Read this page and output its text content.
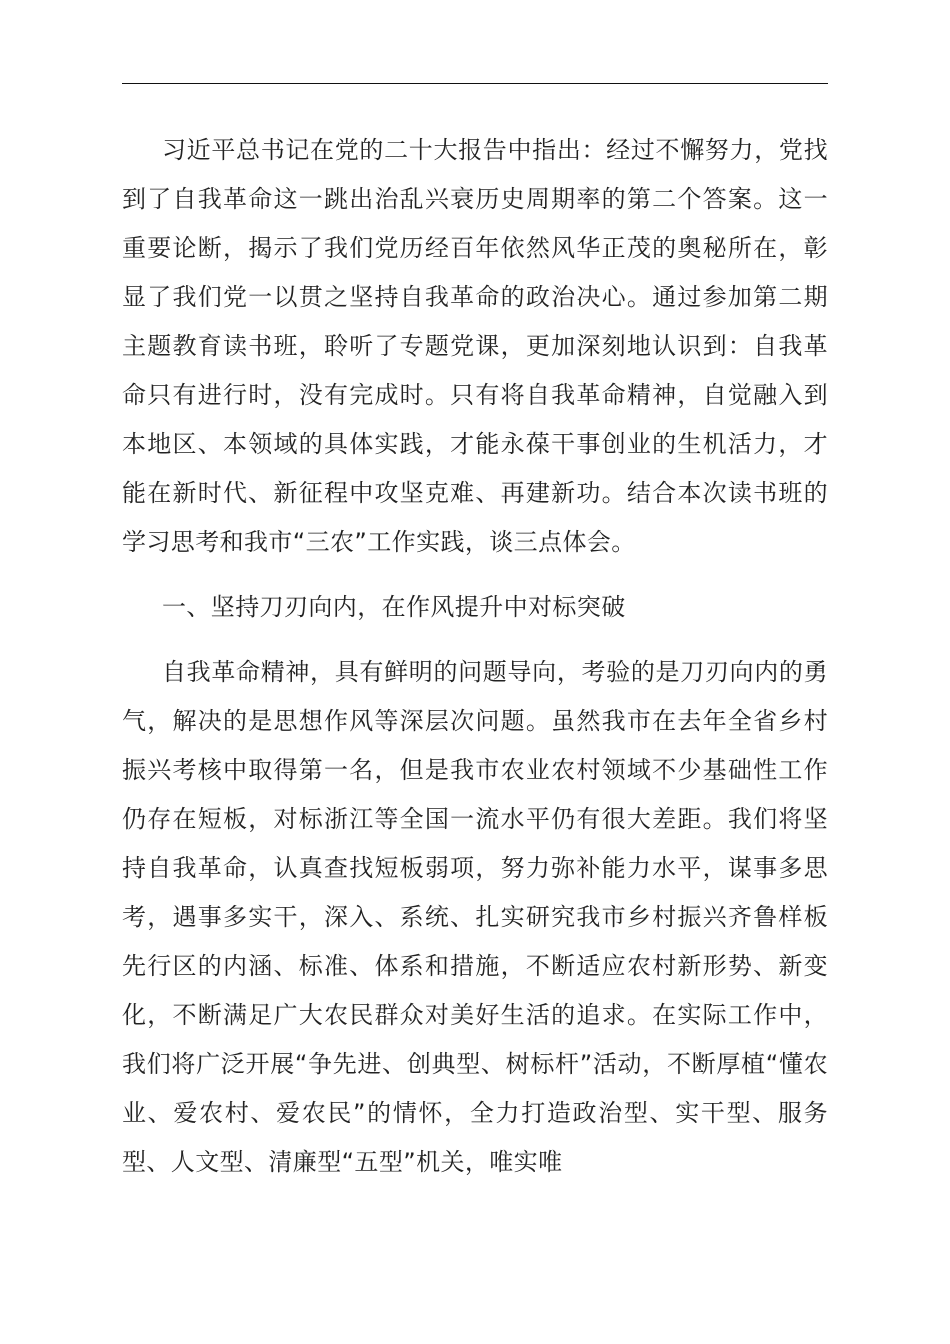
习近平总书记在党的二十大报告中指出：经过不懈努力，党找到了自我革命这一跳出治乱兴衰历史周期率的第二个答案。这一重要论断，揭示了我们党历经百年依然风华正茂的奥秘所在，彰显了我们党一以贯之坚持自我革命的政治决心。通过参加第二期主题教育读书班，聆听了专题党课，更加深刻地认识到：自我革命只有进行时，没有完成时。只有将自我革命精神，自觉融入到本地区、本领域的具体实践，才能永葆干事创业的生机活力，才能在新时代、新征程中攻坚克难、再建新功。结合本次读书班的学习思考和我市“三农”工作实践，谈三点体会。

一、坚持刀刃向内，在作风提升中对标突破

自我革命精神，具有鲜明的问题导向，考验的是刀刃向内的勇气，解决的是思想作风等深层次问题。虽然我市在去年全省乡村振兴考核中取得第一名，但是我市农业农村领域不少基础性工作仍存在短板，对标浙江等全国一流水平仍有很大差距。我们将坚持自我革命，认真查找短板弱项，努力弥补能力水平，谋事多思考，遇事多实干，深入、系统、扎实研究我市乡村振兴齐鲁样板先行区的内涵、标准、体系和措施，不断适应农村新形势、新变化，不断满足广大农民群众对美好生活的追求。在实际工作中，我们将广泛开展“争先进、创典型、树标杆”活动，不断厚植“懂农业、爱农村、爱农民”的情怀，全力打造政治型、实干型、服务型、人文型、清廉型“五型”机关，唯实唯
